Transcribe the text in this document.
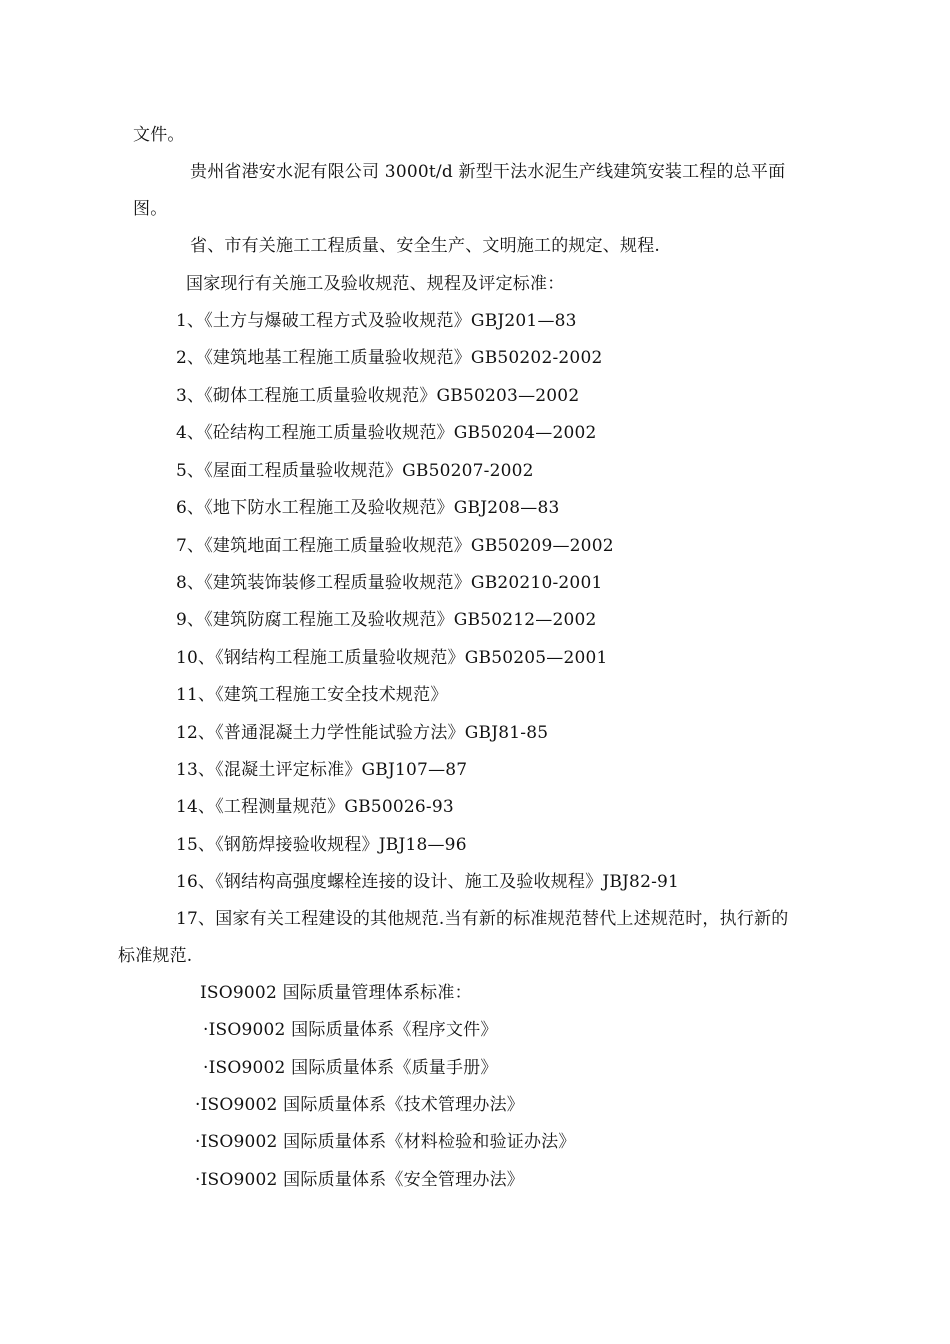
文件。
贵州省港安水泥有限公司 3000t/d 新型干法水泥生产线建筑安装工程的总平面
图。
省、市有关施工工程质量、安全生产、文明施工的规定、规程.
国家现行有关施工及验收规范、规程及评定标准：
1、《土方与爆破工程方式及验收规范》GBJ201—83
2、《建筑地基工程施工质量验收规范》GB50202-2002
3、《砌体工程施工质量验收规范》GB50203—2002
4、《砼结构工程施工质量验收规范》GB50204—2002
5、《屋面工程质量验收规范》GB50207-2002
6、《地下防水工程施工及验收规范》GBJ208—83
7、《建筑地面工程施工质量验收规范》GB50209—2002
8、《建筑装饰装修工程质量验收规范》GB20210-2001
9、《建筑防腐工程施工及验收规范》GB50212—2002
10、《钢结构工程施工质量验收规范》GB50205—2001
11、《建筑工程施工安全技术规范》
12、《普通混凝土力学性能试验方法》GBJ81-85
13、《混凝土评定标准》GBJ107—87
14、《工程测量规范》GB50026-93
15、《钢筋焊接验收规程》JBJ18—96
16、《钢结构高强度螺栓连接的设计、施工及验收规程》JBJ82-91
17、国家有关工程建设的其他规范.当有新的标准规范替代上述规范时，执行新的
标准规范.
ISO9002 国际质量管理体系标准：
·ISO9002 国际质量体系《程序文件》
·ISO9002 国际质量体系《质量手册》
·ISO9002 国际质量体系《技术管理办法》
·ISO9002 国际质量体系《材料检验和验证办法》
·ISO9002 国际质量体系《安全管理办法》
